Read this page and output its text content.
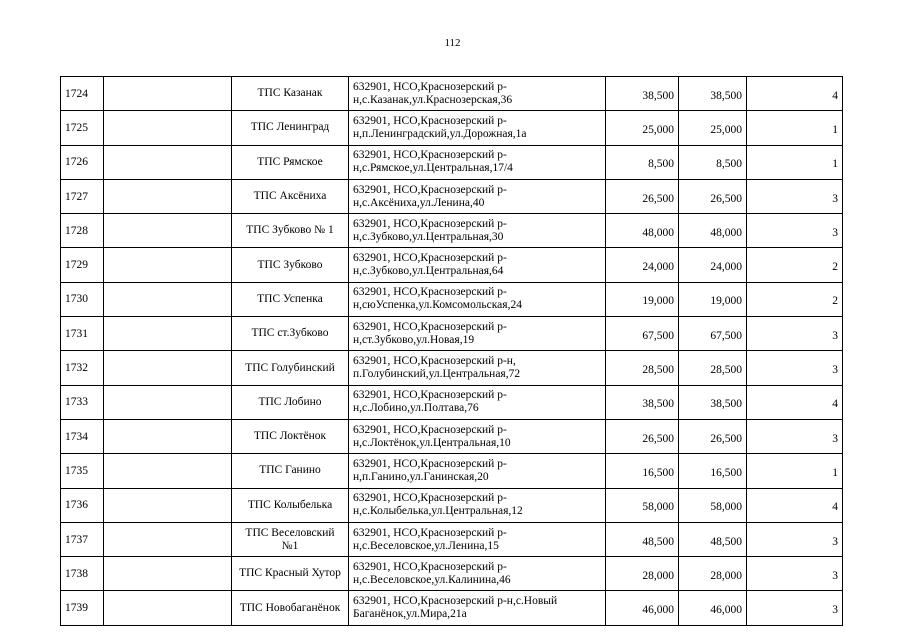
112
1724		ТПС Казанак	632901, НСО,Краснозерский р-
н,с.Казанак,ул.Краснозерская,36	38,500	38,500	4
1725		ТПС Ленинград	632901, НСО,Краснозерский р-
н,п.Ленинградский,ул.Дорожная,1а	25,000	25,000	1
1726		ТПС Рямское	632901, НСО,Краснозерский р-
н,с.Рямское,ул.Центральная,17/4	8,500	8,500	1
1727		ТПС Аксёниха	632901, НСО,Краснозерский р-
н,с.Аксёниха,ул.Ленина,40	26,500	26,500	3
1728		ТПС Зубково № 1	632901, НСО,Краснозерский р-
н,с.Зубково,ул.Центральная,30	48,000	48,000	3
1729		ТПС Зубково	632901, НСО,Краснозерский р-
н,с.Зубково,ул.Центральная,64	24,000	24,000	2
1730		ТПС Успенка	632901, НСО,Краснозерский р-
н,сюУспенка,ул.Комсомольская,24	19,000	19,000	2
1731		ТПС ст.Зубково	632901, НСО,Краснозерский р-
н,ст.Зубково,ул.Новая,19	67,500	67,500	3
1732		ТПС Голубинский	632901, НСО,Краснозерский р-н,
п.Голубинский,ул.Центральная,72	28,500	28,500	3
1733		ТПС Лобино	632901, НСО,Краснозерский р-
н,с.Лобино,ул.Полтава,76	38,500	38,500	4
1734		ТПС Локтёнок	632901, НСО,Краснозерский р-
н,с.Локтёнок,ул.Центральная,10	26,500	26,500	3
1735		ТПС Ганино	632901, НСО,Краснозерский р-
н,п.Ганино,ул.Ганинская,20	16,500	16,500	1
1736		ТПС Колыбелька	632901, НСО,Краснозерский р-
н,с.Колыбелька,ул.Центральная,12	58,000	58,000	4
1737		ТПС Веселовский №1	632901, НСО,Краснозерский р-
н,с.Веселовское,ул.Ленина,15	48,500	48,500	3
1738		ТПС Красный Хутор	632901, НСО,Краснозерский р-
н,с.Веселовское,ул.Калинина,46	28,000	28,000	3
1739		ТПС Новобаганёнок	632901, НСО,Краснозерский р-н,с.Новый
Баганёнок,ул.Мира,21а	46,000	46,000	3
